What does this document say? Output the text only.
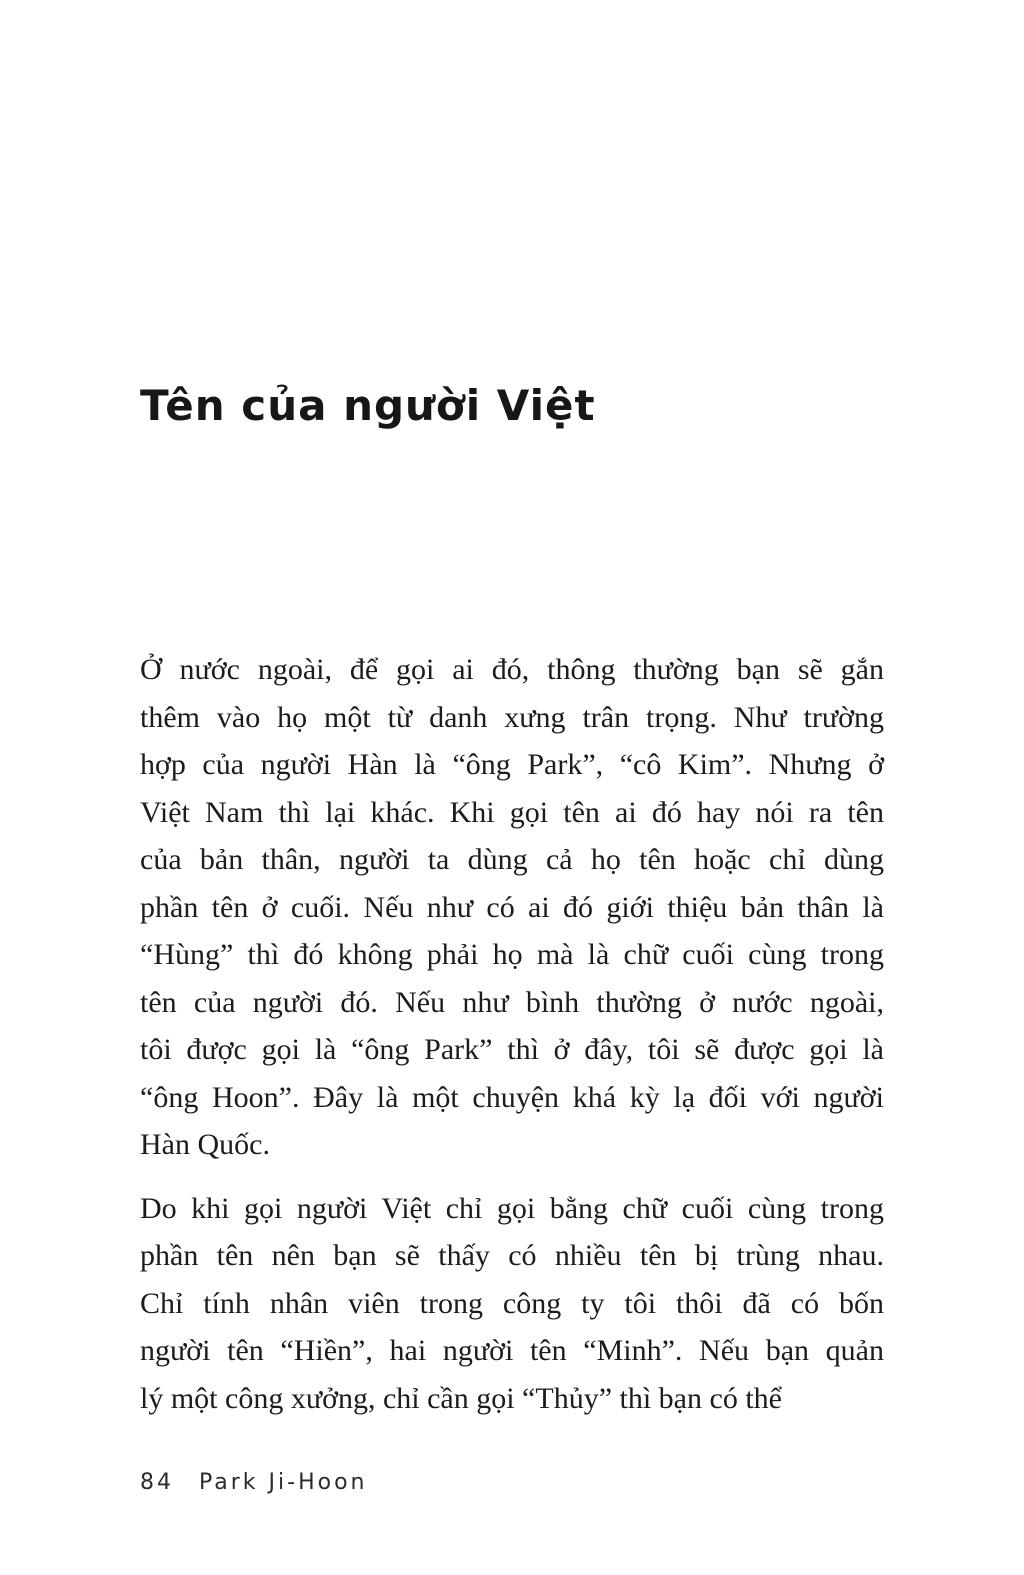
Tên của người Việt
Ở nước ngoài, để gọi ai đó, thông thường bạn sẽ gắn
thêm vào họ một từ danh xưng trân trọng. Như trường
hợp của người Hàn là “ông Park”, “cô Kim”. Nhưng ở
Việt Nam thì lại khác. Khi gọi tên ai đó hay nói ra tên
của bản thân, người ta dùng cả họ tên hoặc chỉ dùng
phần tên ở cuối. Nếu như có ai đó giới thiệu bản thân là
“Hùng” thì đó không phải họ mà là chữ cuối cùng trong
tên của người đó. Nếu như bình thường ở nước ngoài,
tôi được gọi là “ông Park” thì ở đây, tôi sẽ được gọi là
“ông Hoon”. Đây là một chuyện khá kỳ lạ đối với người
Hàn Quốc.
Do khi gọi người Việt chỉ gọi bằng chữ cuối cùng trong
phần tên nên bạn sẽ thấy có nhiều tên bị trùng nhau.
Chỉ tính nhân viên trong công ty tôi thôi đã có bốn
người tên “Hiền”, hai người tên “Minh”. Nếu bạn quản
lý một công xưởng, chỉ cần gọi “Thủy” thì bạn có thể
84 Park Ji-Hoon
